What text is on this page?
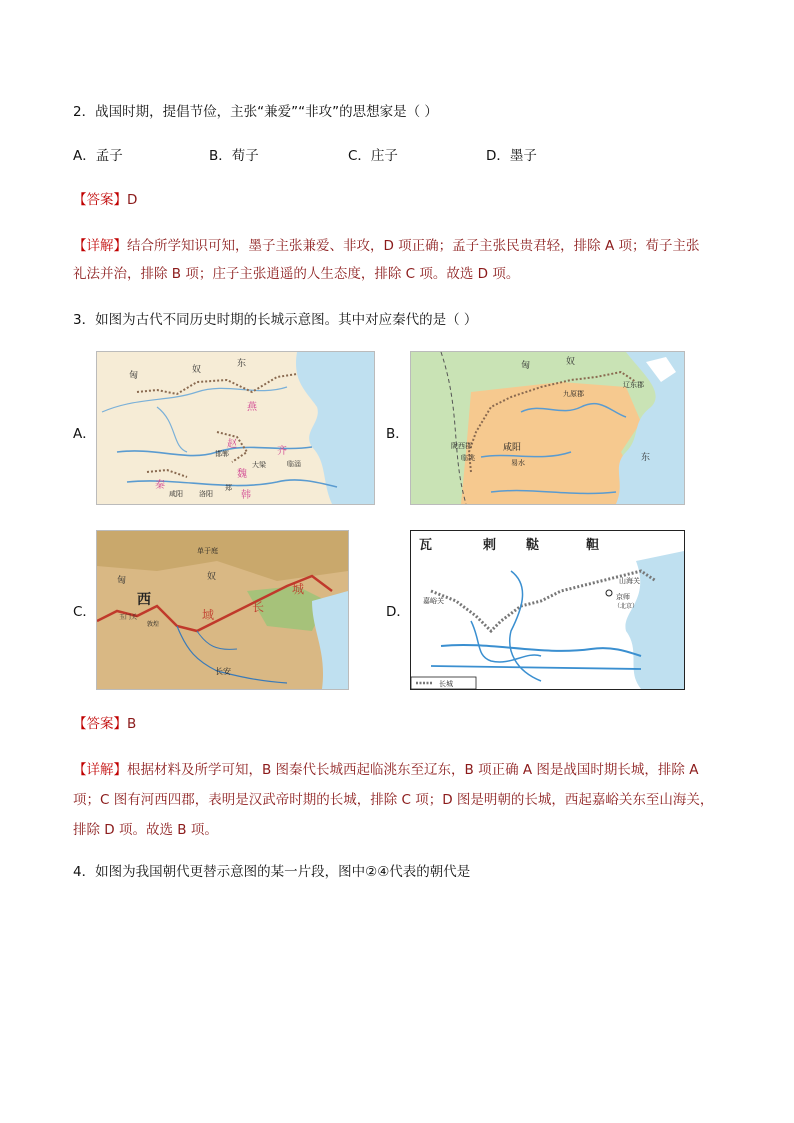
2．战国时期，提倡节俭，主张“兼爱”“非攻”的思想家是（ ）
A．孟子	B．荀子	C．庄子	D．墨子
【答案】D
【详解】结合所学知识可知，墨子主张兼爱、非攻，D 项正确；孟子主张民贵君轻，排除 A 项；荀子主张
礼法并治，排除 B 项；庄子主张逍遥的人生态度，排除 C 项。故选 D 项。
3．如图为古代不同历史时期的长城示意图。其中对应秦代的是（ ）
A．
东
匈
奴
燕
赵
齐
魏
秦
韩
咸阳 洛阳
邯郸
临淄
大梁
郑
B．
匈	奴
九原郡
辽东郡
陇西郡
临洮
咸阳
易水	东
C．
单于庭
匈	奴
西
域
长
城
长安
玉门关
敦煌
D．
瓦	剌 鞑	靼
嘉峪关
山海关
京师
（北京）
长城
【答案】B
【详解】根据材料及所学可知，B 图秦代长城西起临洮东至辽东，B 项正确 A 图是战国时期长城，排除 A
项；C 图有河西四郡，表明是汉武帝时期的长城，排除 C 项；D 图是明朝的长城，西起嘉峪关东至山海关，
排除 D 项。故选 B 项。
4．如图为我国朝代更替示意图的某一片段，图中②④代表的朝代是
